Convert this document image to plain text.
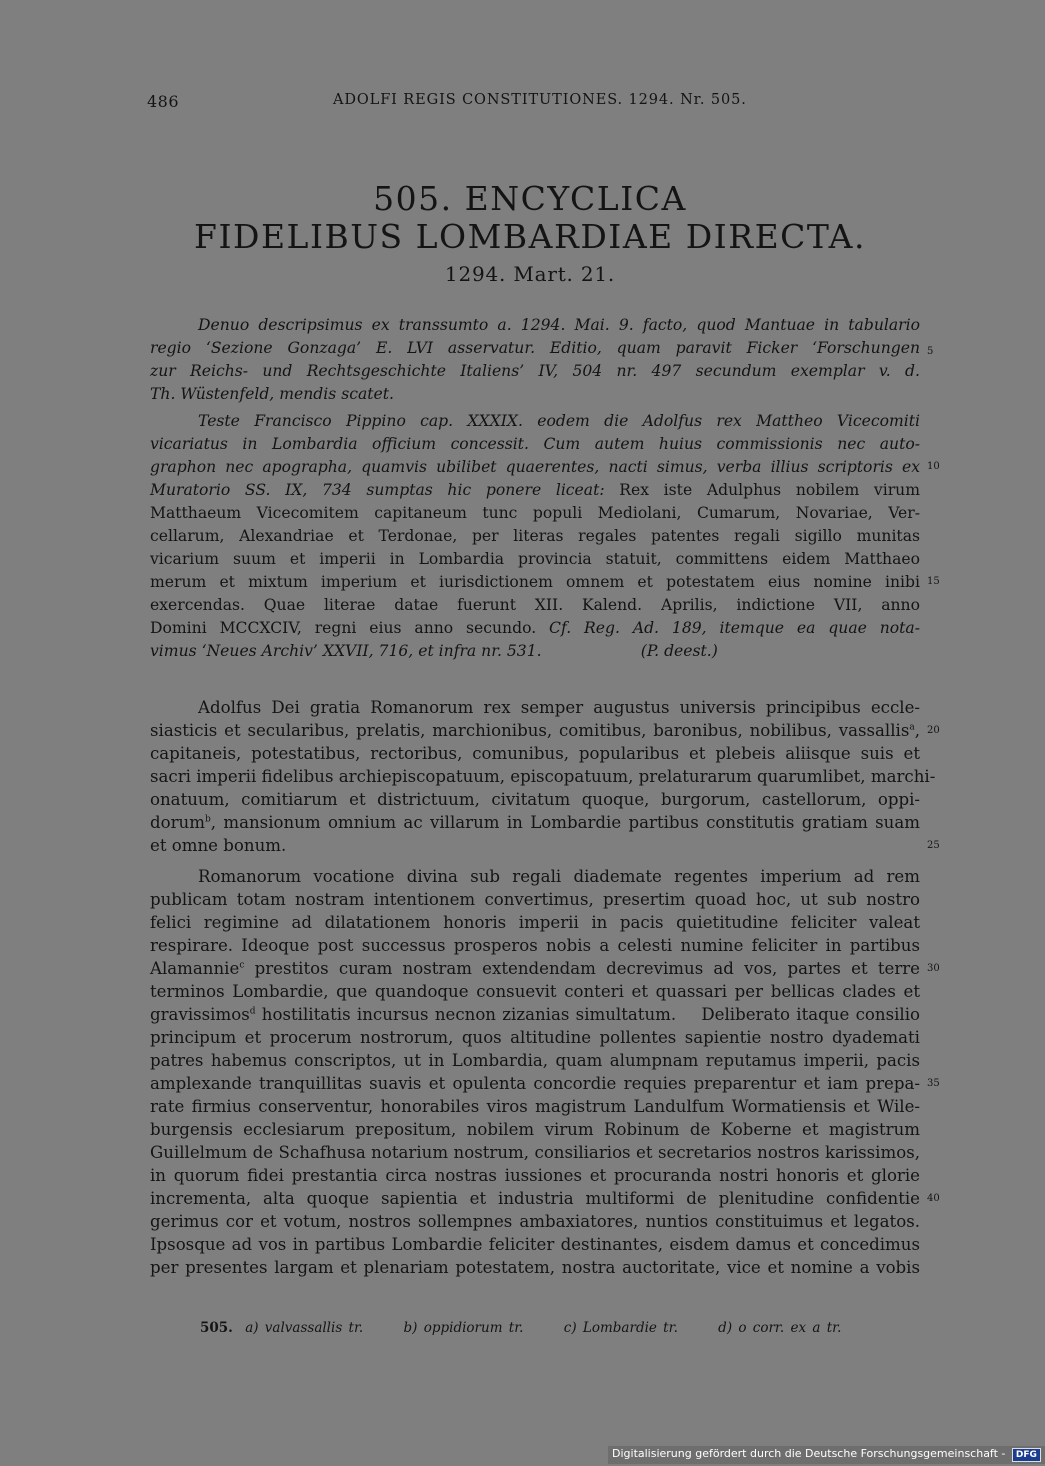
486	ADOLFI REGIS CONSTITUTIONES. 1294. Nr. 505.
505. ENCYCLICA
FIDELIBUS LOMBARDIAE DIRECTA.
1294. Mart. 21.
Denuo descripsimus ex transsumto a. 1294. Mai. 9. facto, quod Mantuae in tabulario
regio ‘Sezione Gonzaga’ E. LVI asservatur. Editio, quam paravit Ficker ‘Forschungen
zur Reichs- und Rechtsgeschichte Italiens’ IV, 504 nr. 497 secundum exemplar v. d.
Th. Wüstenfeld, mendis scatet.
Teste Francisco Pippino cap. XXXIX. eodem die Adolfus rex Mattheo Vicecomiti
vicariatus in Lombardia officium concessit. Cum autem huius commissionis nec auto-
graphon nec apographa, quamvis ubilibet quaerentes, nacti simus, verba illius scriptoris ex
Muratorio SS. IX, 734 sumptas hic ponere liceat: Rex iste Adulphus nobilem virum
Matthaeum Vicecomitem capitaneum tunc populi Mediolani, Cumarum, Novariae, Ver-
cellarum, Alexandriae et Terdonae, per literas regales patentes regali sigillo munitas
vicarium suum et imperii in Lombardia provincia statuit, committens eidem Matthaeo
merum et mixtum imperium et iurisdictionem omnem et potestatem eius nomine inibi
exercendas. Quae literae datae fuerunt XII. Kalend. Aprilis, indictione VII, anno
Domini MCCXCIV, regni eius anno secundo. Cf. Reg. Ad. 189, itemque ea quae nota-
vimus ‘Neues Archiv’ XXVII, 716, et infra nr. 531.                    (P. deest.)
Adolfus Dei gratia Romanorum rex semper augustus universis principibus eccle-
siasticis et secularibus, prelatis, marchionibus, comitibus, baronibus, nobilibus, vassallis$^a$,
capitaneis, potestatibus, rectoribus, comunibus, popularibus et plebeis aliisque suis et
sacri imperii fidelibus archiepiscopatuum, episcopatuum, prelaturarum quarumlibet, marchi-
onatuum, comitiarum et districtuum, civitatum quoque, burgorum, castellorum, oppi-
dorum$^b$, mansionum omnium ac villarum in Lombardie partibus constitutis gratiam suam
et omne bonum.
Romanorum vocatione divina sub regali diademate regentes imperium ad rem
publicam totam nostram intentionem convertimus, presertim quoad hoc, ut sub nostro
felici regimine ad dilatationem honoris imperii in pacis quietitudine feliciter valeat
respirare. Ideoque post successus prosperos nobis a celesti numine feliciter in partibus
Alamannie$^c$ prestitos curam nostram extendendam decrevimus ad vos, partes et terre
terminos Lombardie, que quandoque consuevit conteri et quassari per bellicas clades et
gravissimos$^d$ hostilitatis incursus necnon zizanias simultatum.    Deliberato itaque consilio
principum et procerum nostrorum, quos altitudine pollentes sapientie nostro dyademati
patres habemus conscriptos, ut in Lombardia, quam alumpnam reputamus imperii, pacis
amplexande tranquillitas suavis et opulenta concordie requies preparentur et iam prepa-
rate firmius conserventur, honorabiles viros magistrum Landulfum Wormatiensis et Wile-
burgensis ecclesiarum prepositum, nobilem virum Robinum de Koberne et magistrum
Guillelmum de Schafhusa notarium nostrum, consiliarios et secretarios nostros karissimos,
in quorum fidei prestantia circa nostras iussiones et procuranda nostri honoris et glorie
incrementa, alta quoque sapientia et industria multiformi de plenitudine confidentie
gerimus cor et votum, nostros sollempnes ambaxiatores, nuntios constituimus et legatos.
Ipsosque ad vos in partibus Lombardie feliciter destinantes, eisdem damus et concedimus
per presentes largam et plenariam potestatem, nostra auctoritate, vice et nomine a vobis
5
10
15
20
25
30
35
40
505. a) valvassallis tr.	b) oppidiorum tr.	c) Lombardie tr.	d) o corr. ex a tr.
Digitalisierung gefördert durch die Deutsche Forschungsgemeinschaft - DFG
